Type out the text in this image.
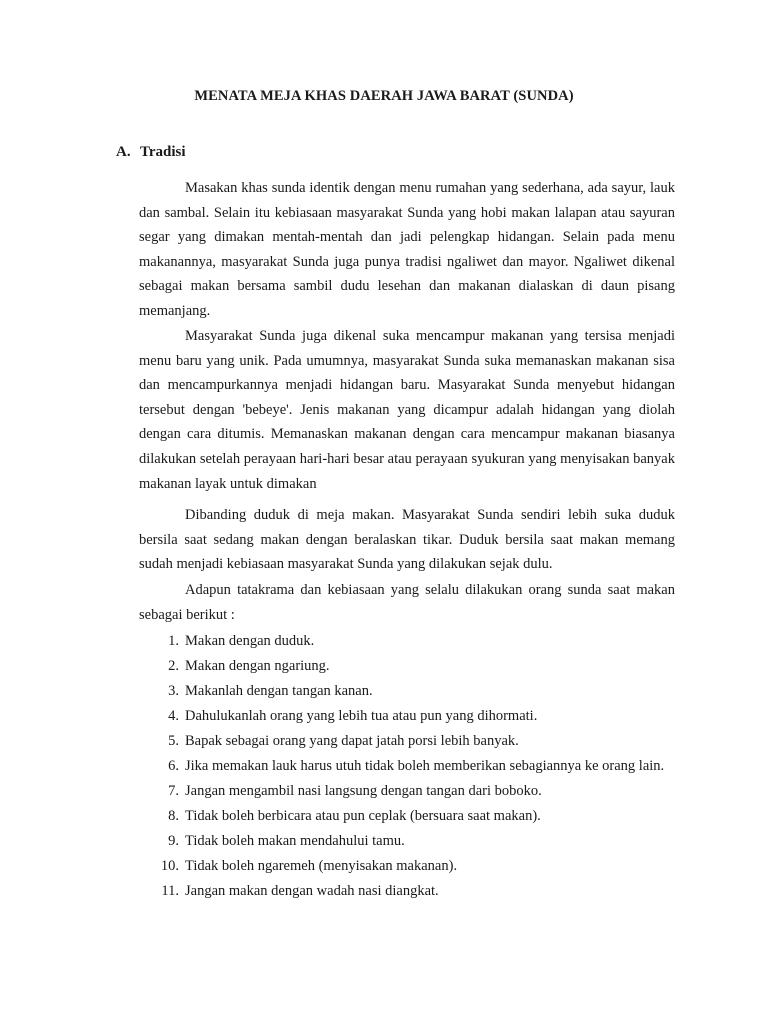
MENATA MEJA KHAS DAERAH JAWA BARAT (SUNDA)
A. Tradisi

Masakan khas sunda identik dengan menu rumahan yang sederhana, ada sayur, lauk dan sambal. Selain itu kebiasaan masyarakat Sunda yang hobi makan lalapan atau sayuran segar yang dimakan mentah-mentah dan jadi pelengkap hidangan. Selain pada menu makanannya, masyarakat Sunda juga punya tradisi ngaliwet dan mayor. Ngaliwet dikenal sebagai makan bersama sambil dudu lesehan dan makanan dialaskan di daun pisang memanjang.

Masyarakat Sunda juga dikenal suka mencampur makanan yang tersisa menjadi menu baru yang unik. Pada umumnya, masyarakat Sunda suka memanaskan makanan sisa dan mencampurkannya menjadi hidangan baru. Masyarakat Sunda menyebut hidangan tersebut dengan 'bebeye'. Jenis makanan yang dicampur adalah hidangan yang diolah dengan cara ditumis. Memanaskan makanan dengan cara mencampur makanan biasanya dilakukan setelah perayaan hari-hari besar atau perayaan syukuran yang menyisakan banyak makanan layak untuk dimakan

Dibanding duduk di meja makan. Masyarakat Sunda sendiri lebih suka duduk bersila saat sedang makan dengan beralaskan tikar. Duduk bersila saat makan memang sudah menjadi kebiasaan masyarakat Sunda yang dilakukan sejak dulu.

Adapun tatakrama dan kebiasaan yang selalu dilakukan orang sunda saat makan sebagai berikut :

1. Makan dengan duduk.
2. Makan dengan ngariung.
3. Makanlah dengan tangan kanan.
4. Dahulukanlah orang yang lebih tua atau pun yang dihormati.
5. Bapak sebagai orang yang dapat jatah porsi lebih banyak.
6. Jika memakan lauk harus utuh tidak boleh memberikan sebagiannya ke orang lain.
7. Jangan mengambil nasi langsung dengan tangan dari boboko.
8. Tidak boleh berbicara atau pun ceplak (bersuara saat makan).
9. Tidak boleh makan mendahului tamu.
10. Tidak boleh ngaremeh (menyisakan makanan).
11. Jangan makan dengan wadah nasi diangkat.
